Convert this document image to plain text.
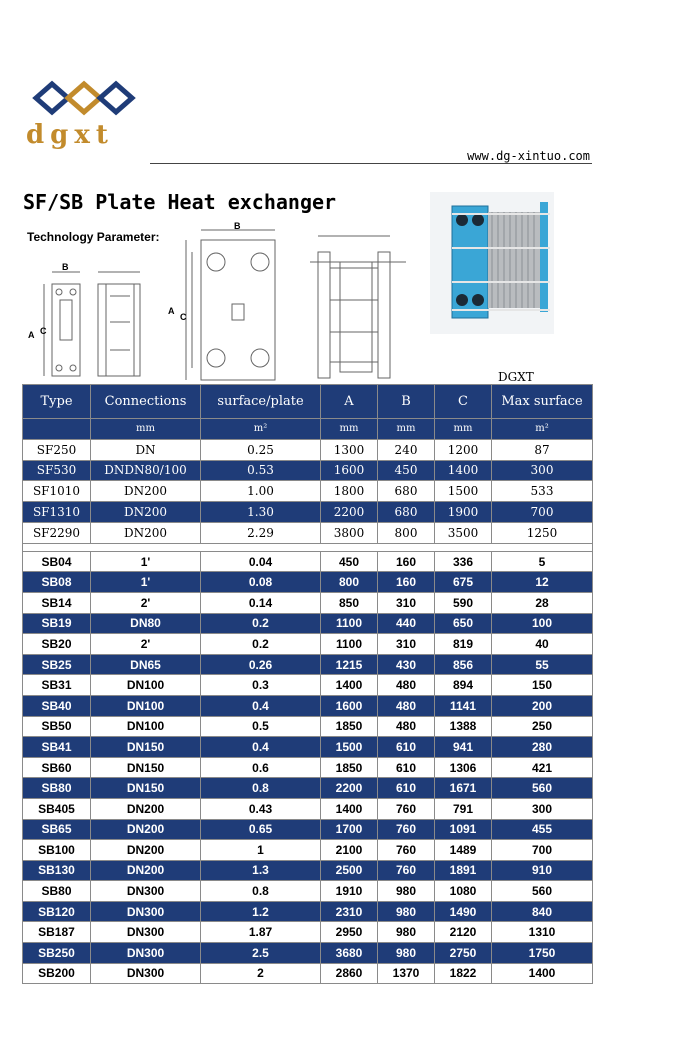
dgxt
www.dg-xintuo.com
SF/SB Plate Heat exchanger
B
A C
B
A
C
Technology Parameter:
DGXT
Type	Connections	surface/plate	A	B	C	Max surface
	mm	m²	mm	mm	mm	m²
SF250	DN	0.25	1300	240	1200	87
SF530	DNDN80/100	0.53	1600	450	1400	300
SF1010	DN200	1.00	1800	680	1500	533
SF1310	DN200	1.30	2200	680	1900	700
SF2290	DN200	2.29	3800	800	3500	1250

SB04	1'	0.04	450	160	336	5
SB08	1'	0.08	800	160	675	12
SB14	2'	0.14	850	310	590	28
SB19	DN80	0.2	1100	440	650	100
SB20	2'	0.2	1100	310	819	40
SB25	DN65	0.26	1215	430	856	55
SB31	DN100	0.3	1400	480	894	150
SB40	DN100	0.4	1600	480	1141	200
SB50	DN100	0.5	1850	480	1388	250
SB41	DN150	0.4	1500	610	941	280
SB60	DN150	0.6	1850	610	1306	421
SB80	DN150	0.8	2200	610	1671	560
SB405	DN200	0.43	1400	760	791	300
SB65	DN200	0.65	1700	760	1091	455
SB100	DN200	1	2100	760	1489	700
SB130	DN200	1.3	2500	760	1891	910
SB80	DN300	0.8	1910	980	1080	560
SB120	DN300	1.2	2310	980	1490	840
SB187	DN300	1.87	2950	980	2120	1310
SB250	DN300	2.5	3680	980	2750	1750
SB200	DN300	2	2860	1370	1822	1400
